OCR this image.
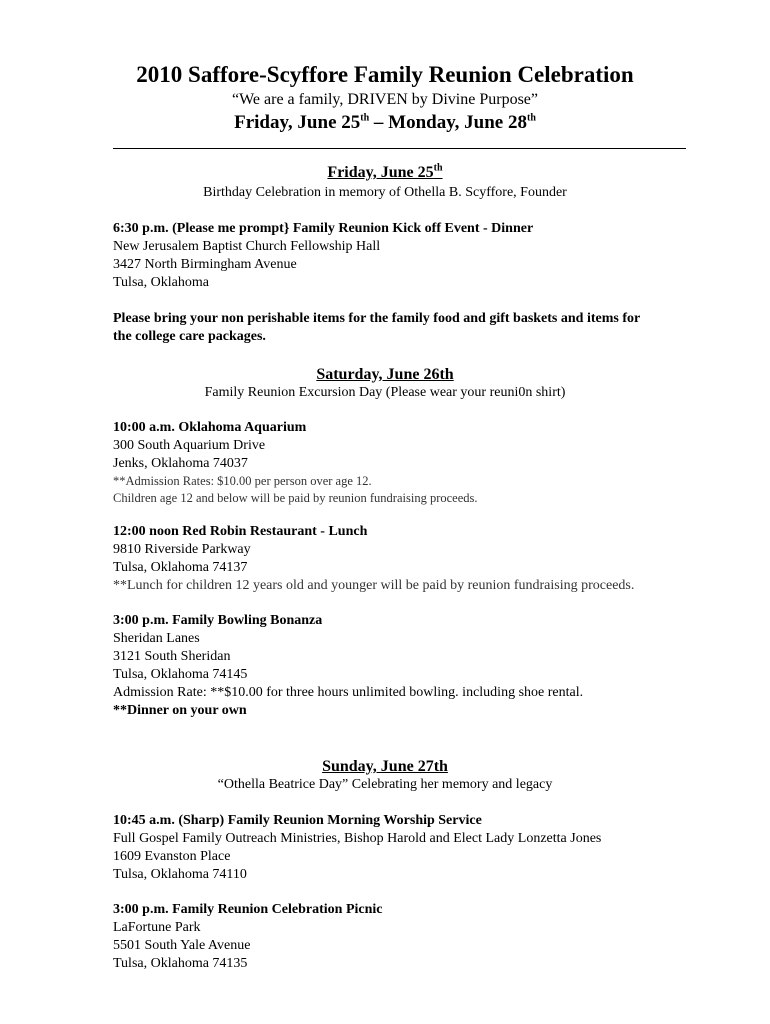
2010 Saffore-Scyffore Family Reunion Celebration
“We are a family, DRIVEN by Divine Purpose”
Friday, June 25th – Monday, June 28th
Friday, June 25th
Birthday Celebration in memory of Othella B. Scyffore, Founder
6:30 p.m. (Please me prompt} Family Reunion Kick off Event - Dinner
New Jerusalem Baptist Church Fellowship Hall
3427 North Birmingham Avenue
Tulsa, Oklahoma
Please bring your non perishable items for the family food and gift baskets and items for
the college care packages.
Saturday, June 26th
Family Reunion Excursion Day (Please wear your reuni0n shirt)
10:00 a.m. Oklahoma Aquarium
300 South Aquarium Drive
Jenks, Oklahoma 74037
**Admission Rates: $10.00 per person over age 12.
Children age 12 and below will be paid by reunion fundraising proceeds.
12:00 noon Red Robin Restaurant - Lunch
9810 Riverside Parkway
Tulsa, Oklahoma 74137
**Lunch for children 12 years old and younger will be paid by reunion fundraising proceeds.
3:00 p.m. Family Bowling Bonanza
Sheridan Lanes
3121 South Sheridan
Tulsa, Oklahoma 74145
Admission Rate: **$10.00 for three hours unlimited bowling. including shoe rental.
**Dinner on your own
Sunday, June 27th
“Othella Beatrice Day” Celebrating her memory and legacy
10:45 a.m. (Sharp) Family Reunion Morning Worship Service
Full Gospel Family Outreach Ministries, Bishop Harold and Elect Lady Lonzetta Jones
1609 Evanston Place
Tulsa, Oklahoma 74110
3:00 p.m. Family Reunion Celebration Picnic
LaFortune Park
5501 South Yale Avenue
Tulsa, Oklahoma 74135
